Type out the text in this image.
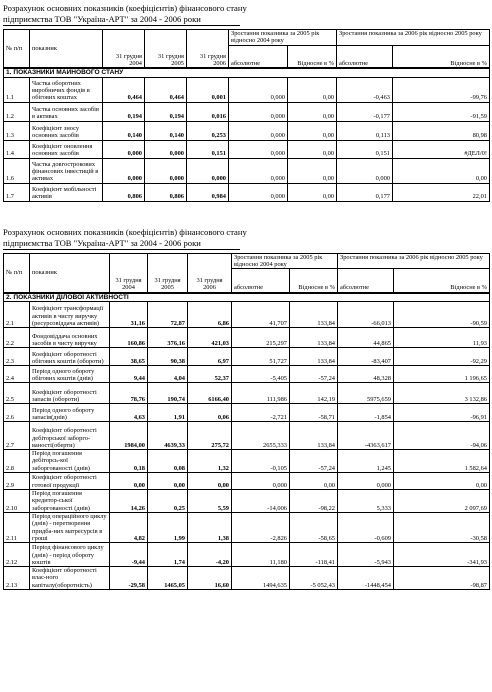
Розрахунок основних показників (коефіцієнтів) фінансового стану
підприємства ТОВ "Україна-АРТ" за 2004 - 2006 роки
№ п/п	показник	31 грудня 2004	31 грудня 2005	31 грудня 2006	Зростання показника за 2005 рік відносно 2004 року		Зростання показника за 2006 рік відносно 2005 року	
					абсолютне	Відносне в %	абсолютне	Відносне в %
1. ПОКАЗНИКИ МАЙНОВОГО СТАНУ								
1.1	Частка оборотних виробничих фондів в обігових коштах	0,464	0,464	0,001	0,000	0,00	-0,463	-99,76
1.2	Частка основних засобів в активах	0,194	0,194	0,016	0,000	0,00	-0,177	-91,59
1.3	Коефіцієнт зносу основних засобів	0,140	0,140	0,253	0,000	0,00	0,113	80,98
1.4	Коефіцієнт оновлення основних засобів	0,000	0,000	0,151	0,000	0,00	0,151	#ДЕЛ/0!
1.6	Частка довгострокових фінансових інвестицій в активах	0,000	0,000	0,000	0,000	0,00	0,000	0,00
1.7	Коефіцієнт мобільності активів	0,806	0,806	0,984	0,000	0,00	0,177	22,01
Розрахунок основних показників (коефіцієнтів) фінансового стану
підприємства ТОВ "Україна-АРТ" за 2004 - 2006 роки
№ п/п	показник	31 грудня 2004	31 грудня 2005	31 грудня 2006	Зростання показника за 2005 рік відносно 2004 року		Зростання показника за 2006 рік відносно 2005 року	
					абсолютне	Відносне в %	абсолютне	Відносне в %
2. ПОКАЗНИКИ ДІЛОВОЇ АКТИВНОСТІ								
2.1	Коефіцієнт трансформації активів в чисту виручку (ресурсовіддача активів)	31,16	72,87	6,86	41,707	133,84	-66,013	-90,59
2.2	Фондовіддача основних засобів в чисту виручку	160,86	376,16	421,03	215,297	133,84	44,865	11,93
2.3	Коефіцієнт оборотності обігових коштів (обороти)	38,65	90,38	6,97	51,727	133,84	-83,407	-92,29
2.4	Період одного обороту обігових коштів (днів)	9,44	4,04	52,37	-5,405	-57,24	48,328	1 196,65
2.5	Коефіцієнт оборотності запасів (обороти)	78,76	190,74	6166,40	111,986	142,19	5975,659	3 132,86
2.6	Період одного обороту запасів(днів)	4,63	1,91	0,06	-2,721	-58,71	-1,854	-96,91
2.7	Коефіцієнт оборотності дебіторської заборго-ваності(оберти)	1984,00	4639,33	275,72	2655,333	133,84	-4363,617	-94,06
2.8	Період погашення дебіторсь-кої заборгованості (днів)	0,18	0,08	1,32	-0,105	-57,24	1,245	1 582,64
2.9	Коефіцієнт оборотності готової продукції	0,00	0,00	0,00	0,000	0,00	0,000	0,00
2.10	Період погашення кредитор-ської заборгованості (днів)	14,26	0,25	5,59	-14,006	-98,22	5,333	2 097,69
2.11	Період операційного циклу (днів) - перетворення придба-них матресурсів в гроші	4,82	1,99	1,38	-2,826	-58,65	-0,609	-30,58
2.12	Період фінансового циклу (днів) - період обороту коштів	-9,44	1,74	-4,20	11,180	-118,41	-5,943	-341,93
2.13	Коефіцієнт оборотності влас-ного капіталу(оборотність)	-29,58	1465,05	16,60	1494,635	-5 052,43	-1448,454	-98,87
